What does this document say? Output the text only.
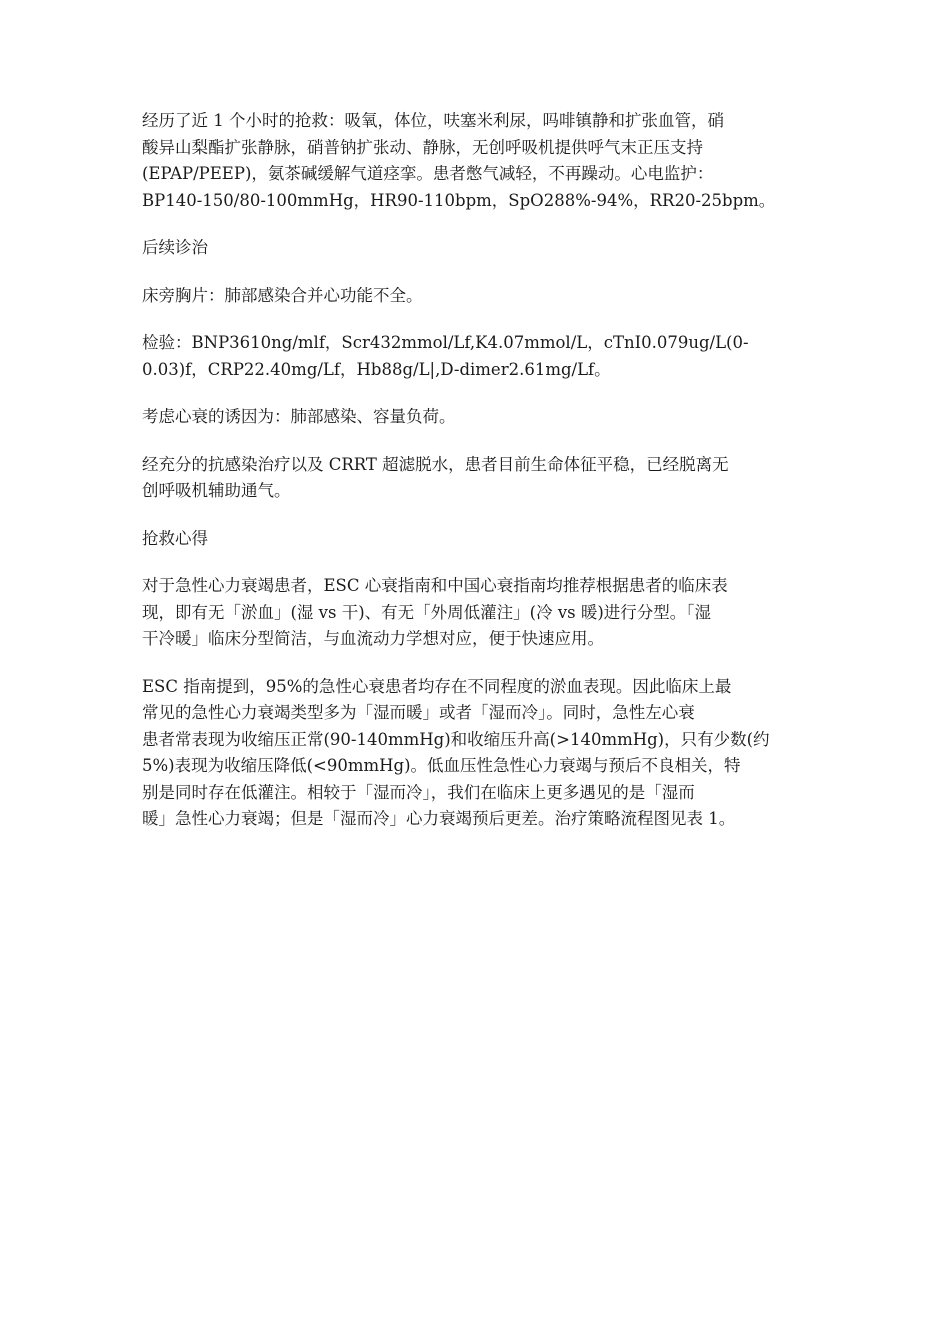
经历了近 1 个小时的抢救：吸氧，体位，呋塞米利尿，吗啡镇静和扩张血管，硝
酸异山梨酯扩张静脉，硝普钠扩张动、静脉，无创呼吸机提供呼气末正压支持
(EPAP/PEEP)，氨茶碱缓解气道痉挛。患者憋气减轻，不再躁动。心电监护：
BP140-150/80-100mmHg，HR90-110bpm，SpO288%-94%，RR20-25bpm。
后续诊治
床旁胸片：肺部感染合并心功能不全。
检验：BNP3610ng/mlf，Scr432mmol/Lf,K4.07mmol/L，cTnI0.079ug/L(0-
0.03)f，CRP22.40mg/Lf，Hb88g/L|,D-dimer2.61mg/Lf。
考虑心衰的诱因为：肺部感染、容量负荷。
经充分的抗感染治疗以及 CRRT 超滤脱水，患者目前生命体征平稳，已经脱离无
创呼吸机辅助通气。
抢救心得
对于急性心力衰竭患者，ESC 心衰指南和中国心衰指南均推荐根据患者的临床表
现，即有无「淤血」(湿 vs 干)、有无「外周低灌注」(冷 vs 暖)进行分型。「湿
干冷暖」临床分型简洁，与血流动力学想对应，便于快速应用。
ESC 指南提到，95%的急性心衰患者均存在不同程度的淤血表现。因此临床上最
常见的急性心力衰竭类型多为「湿而暖」或者「湿而冷」。同时，急性左心衰
患者常表现为收缩压正常(90-140mmHg)和收缩压升高(>140mmHg)，只有少数(约
5%)表现为收缩压降低(<90mmHg)。低血压性急性心力衰竭与预后不良相关，特
别是同时存在低灌注。相较于「湿而冷」，我们在临床上更多遇见的是「湿而
暖」急性心力衰竭；但是「湿而冷」心力衰竭预后更差。治疗策略流程图见表 1。
